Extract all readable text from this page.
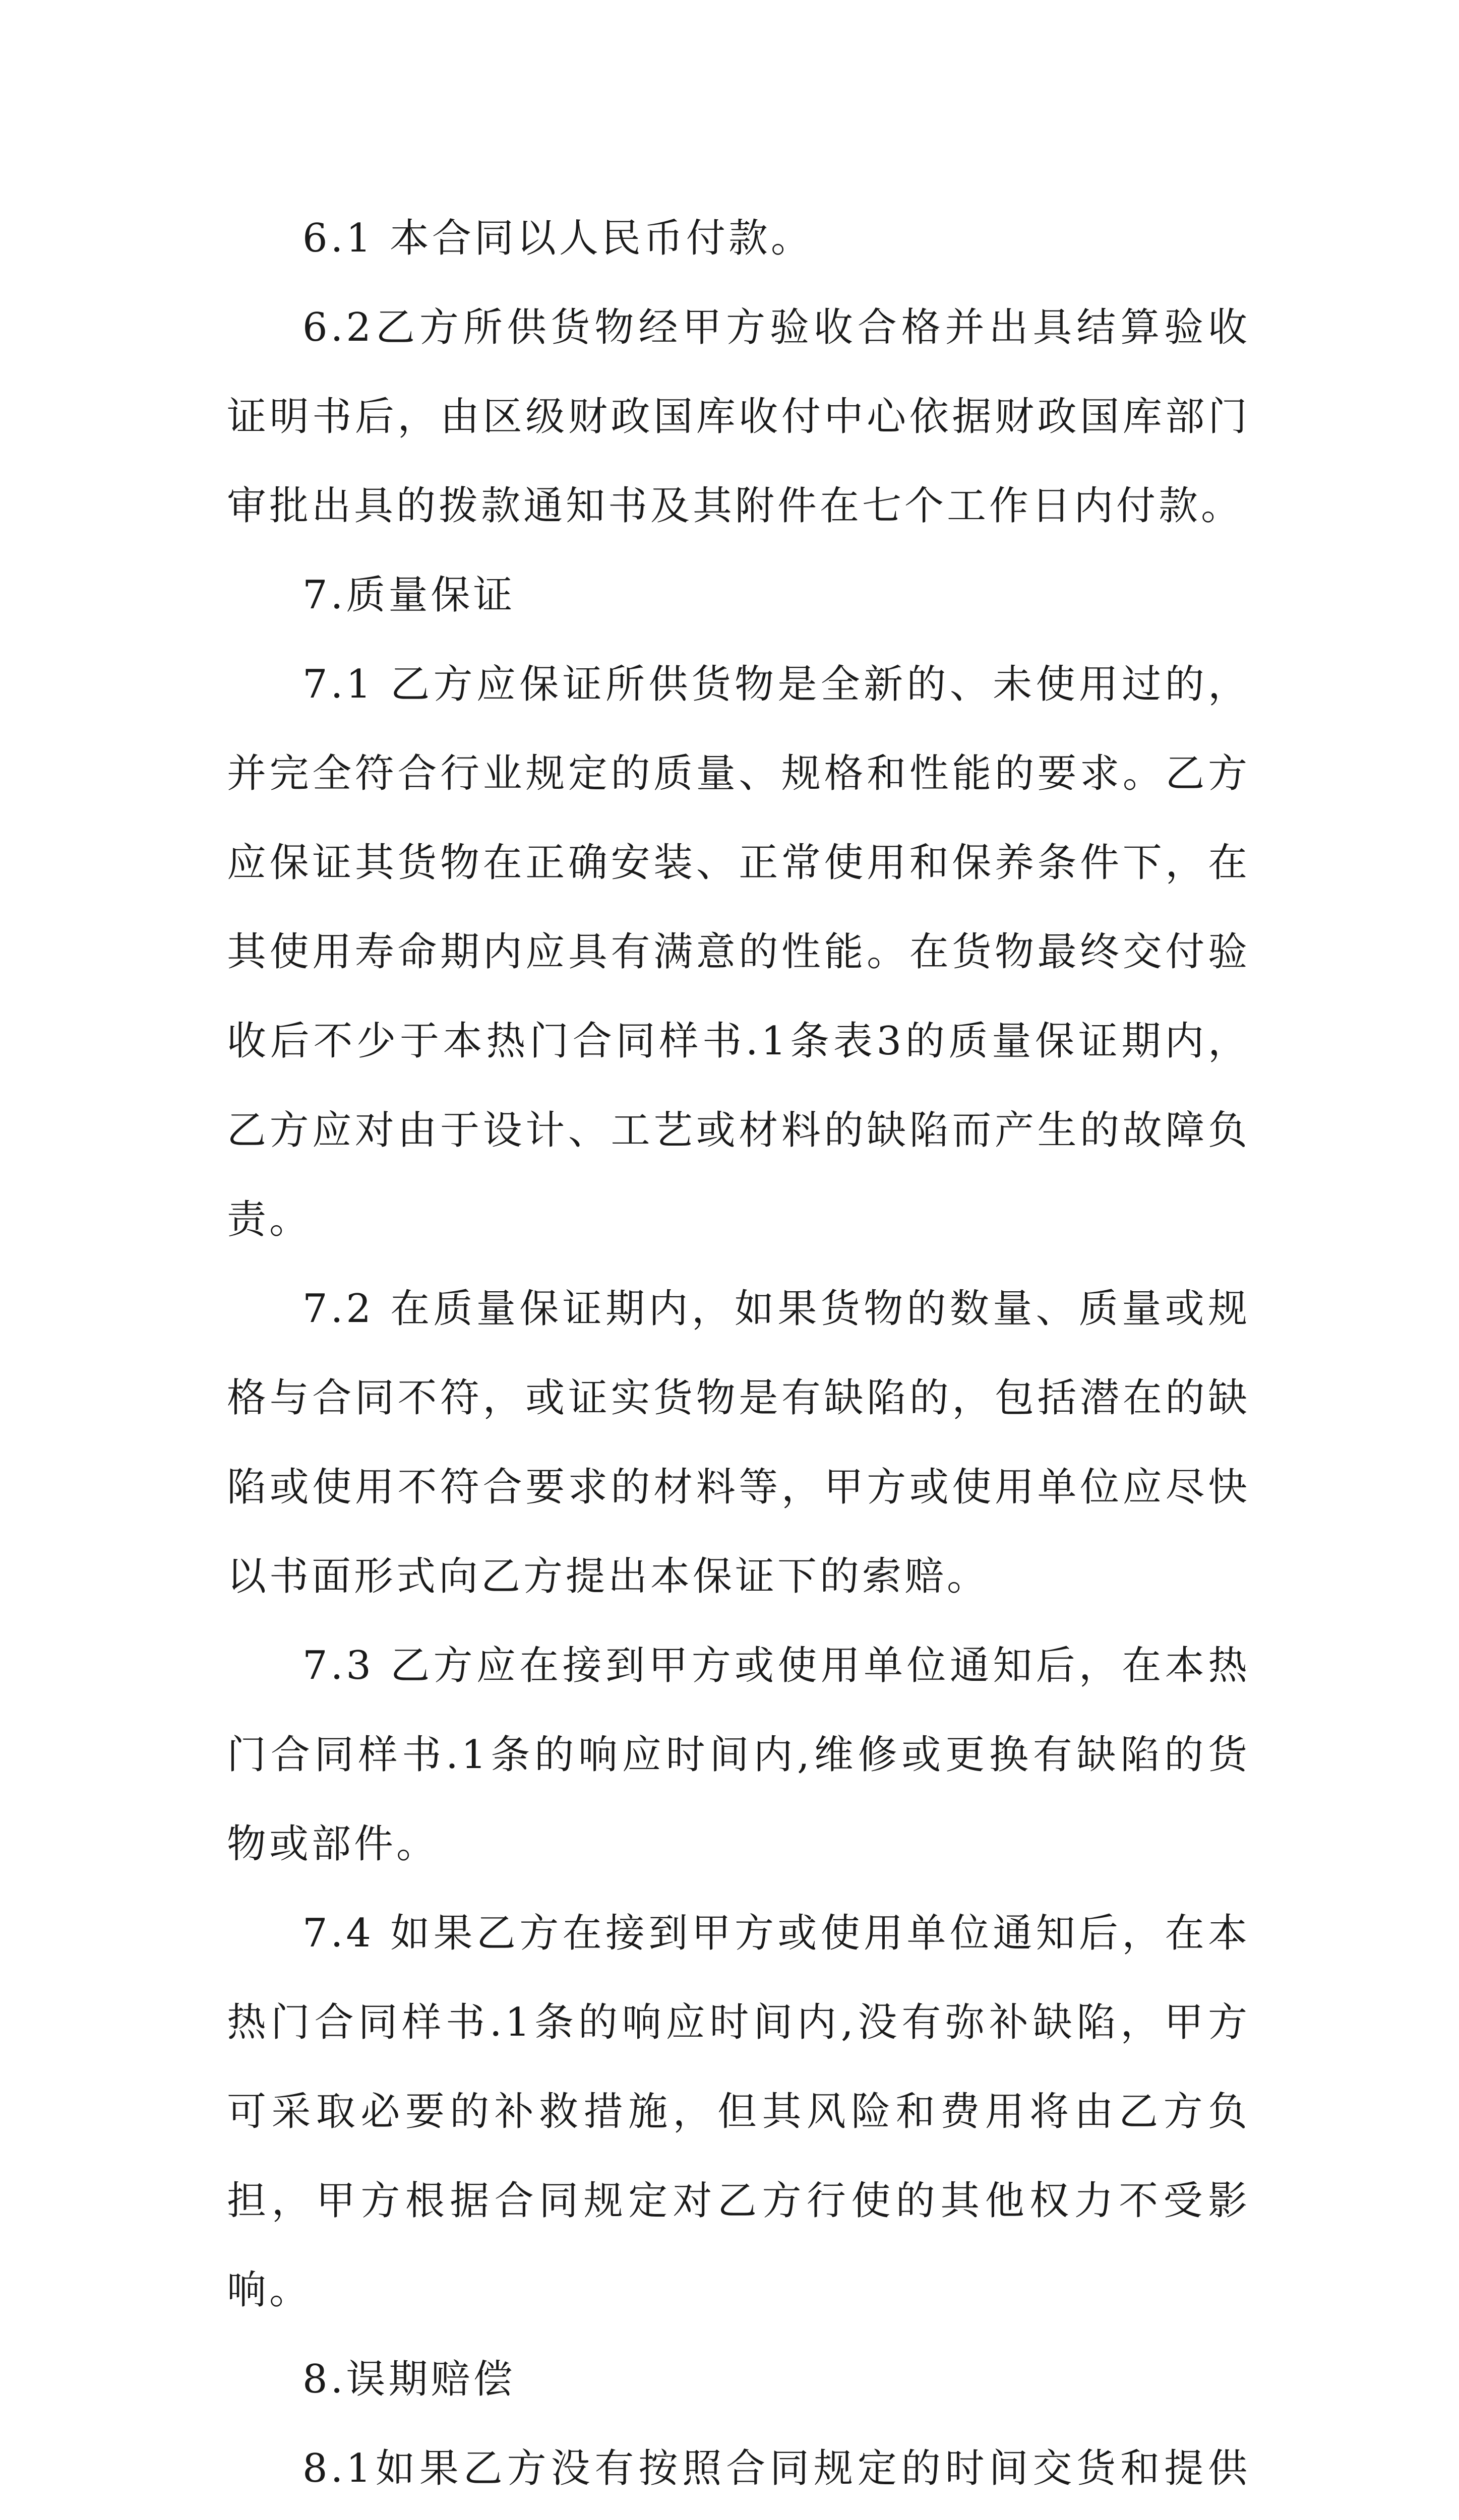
6.1 本合同以人民币付款。

6.2乙方所供货物经甲方验收合格并出具结算验收证明书后，由区级财政国库收付中心依据财政国库部门审批出具的拨款通知书及其附件在七个工作日内付款。

7.质量保证

7.1 乙方应保证所供货物是全新的、未使用过的，并完全符合行业规定的质量、规格和性能的要求。乙方应保证其货物在正确安装、正常使用和保养条件下，在其使用寿命期内应具有满意的性能。在货物最终交付验收后不少于本热门合同样书.1条表3的质量保证期内，乙方应对由于设计、工艺或材料的缺陷而产生的故障负责。

7.2 在质量保证期内，如果货物的数量、质量或规格与合同不符，或证实货物是有缺陷的，包括潜在的缺陷或使用不符合要求的材料等，甲方或使用单位应尽快以书面形式向乙方提出本保证下的索赔。

7.3 乙方应在接到甲方或使用单位通知后，在本热门合同样书.1条的响应时间内,维修或更换有缺陷的货物或部件。

7.4 如果乙方在接到甲方或使用单位通知后，在本热门合同样书.1条的响应时间内,没有弥补缺陷，甲方可采取必要的补救措施，但其风险和费用将由乙方负担，甲方根据合同规定对乙方行使的其他权力不受影响。

8.误期赔偿

8.1如果乙方没有按照合同规定的时间交货和提供
